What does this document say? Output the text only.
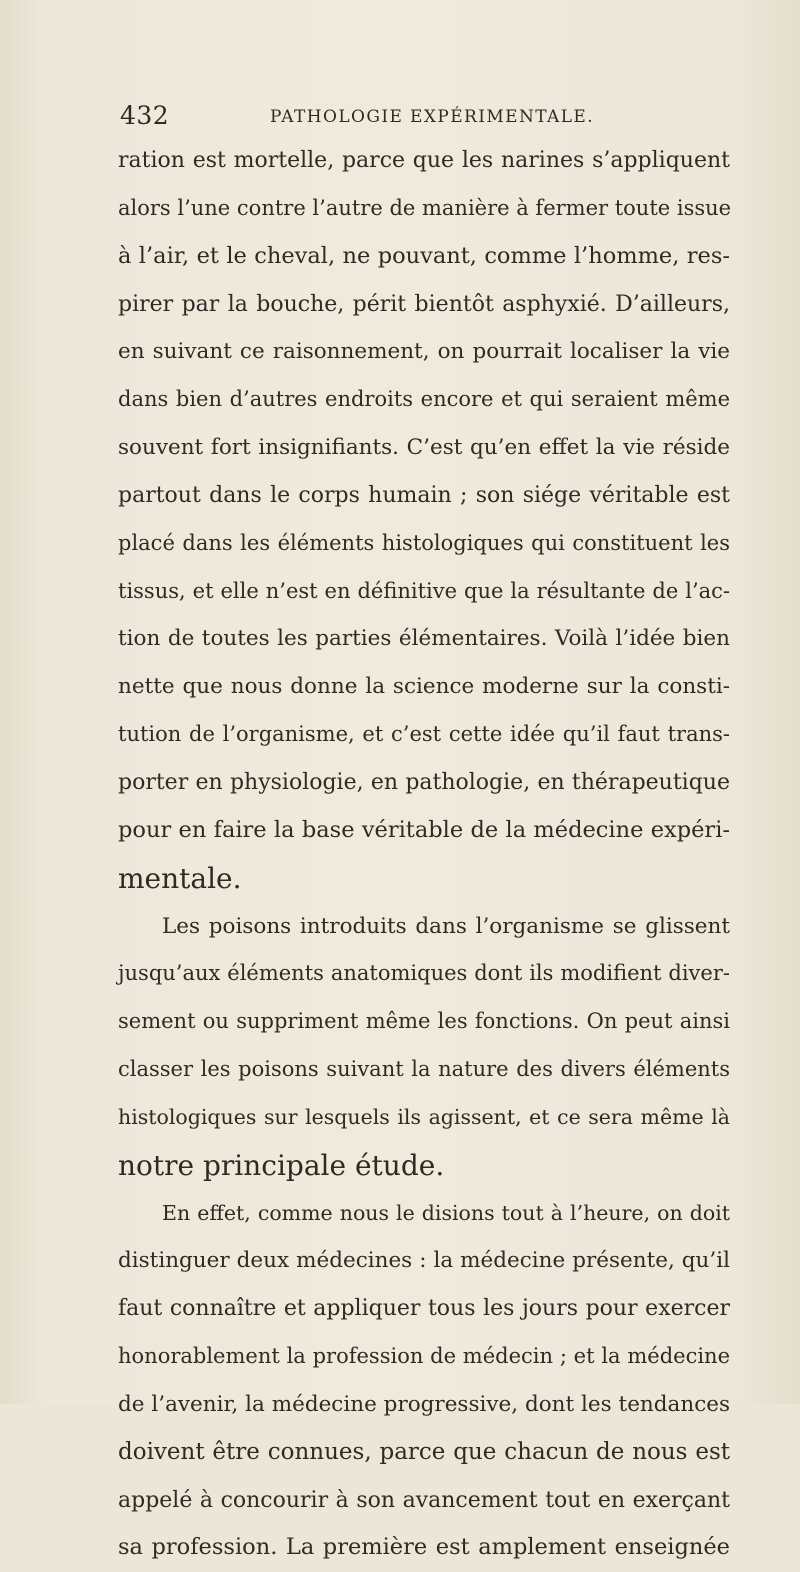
432	PATHOLOGIE EXPÉRIMENTALE.
ration est mortelle, parce que les narines s’appliquent
alors l’une contre l’autre de manière à fermer toute issue
à l’air, et le cheval, ne pouvant, comme l’homme, res-
pirer par la bouche, périt bientôt asphyxié. D’ailleurs,
en suivant ce raisonnement, on pourrait localiser la vie
dans bien d’autres endroits encore et qui seraient même
souvent fort insignifiants. C’est qu’en effet la vie réside
partout dans le corps humain ; son siége véritable est
placé dans les éléments histologiques qui constituent les
tissus, et elle n’est en définitive que la résultante de l’ac-
tion de toutes les parties élémentaires. Voilà l’idée bien
nette que nous donne la science moderne sur la consti-
tution de l’organisme, et c’est cette idée qu’il faut trans-
porter en physiologie, en pathologie, en thérapeutique
pour en faire la base véritable de la médecine expéri-
mentale.
Les poisons introduits dans l’organisme se glissent
jusqu’aux éléments anatomiques dont ils modifient diver-
sement ou suppriment même les fonctions. On peut ainsi
classer les poisons suivant la nature des divers éléments
histologiques sur lesquels ils agissent, et ce sera même là
notre principale étude.
En effet, comme nous le disions tout à l’heure, on doit
distinguer deux médecines : la médecine présente, qu’il
faut connaître et appliquer tous les jours pour exercer
honorablement la profession de médecin ; et la médecine
de l’avenir, la médecine progressive, dont les tendances
doivent être connues, parce que chacun de nous est
appelé à concourir à son avancement tout en exerçant
sa profession. La première est amplement enseignée
